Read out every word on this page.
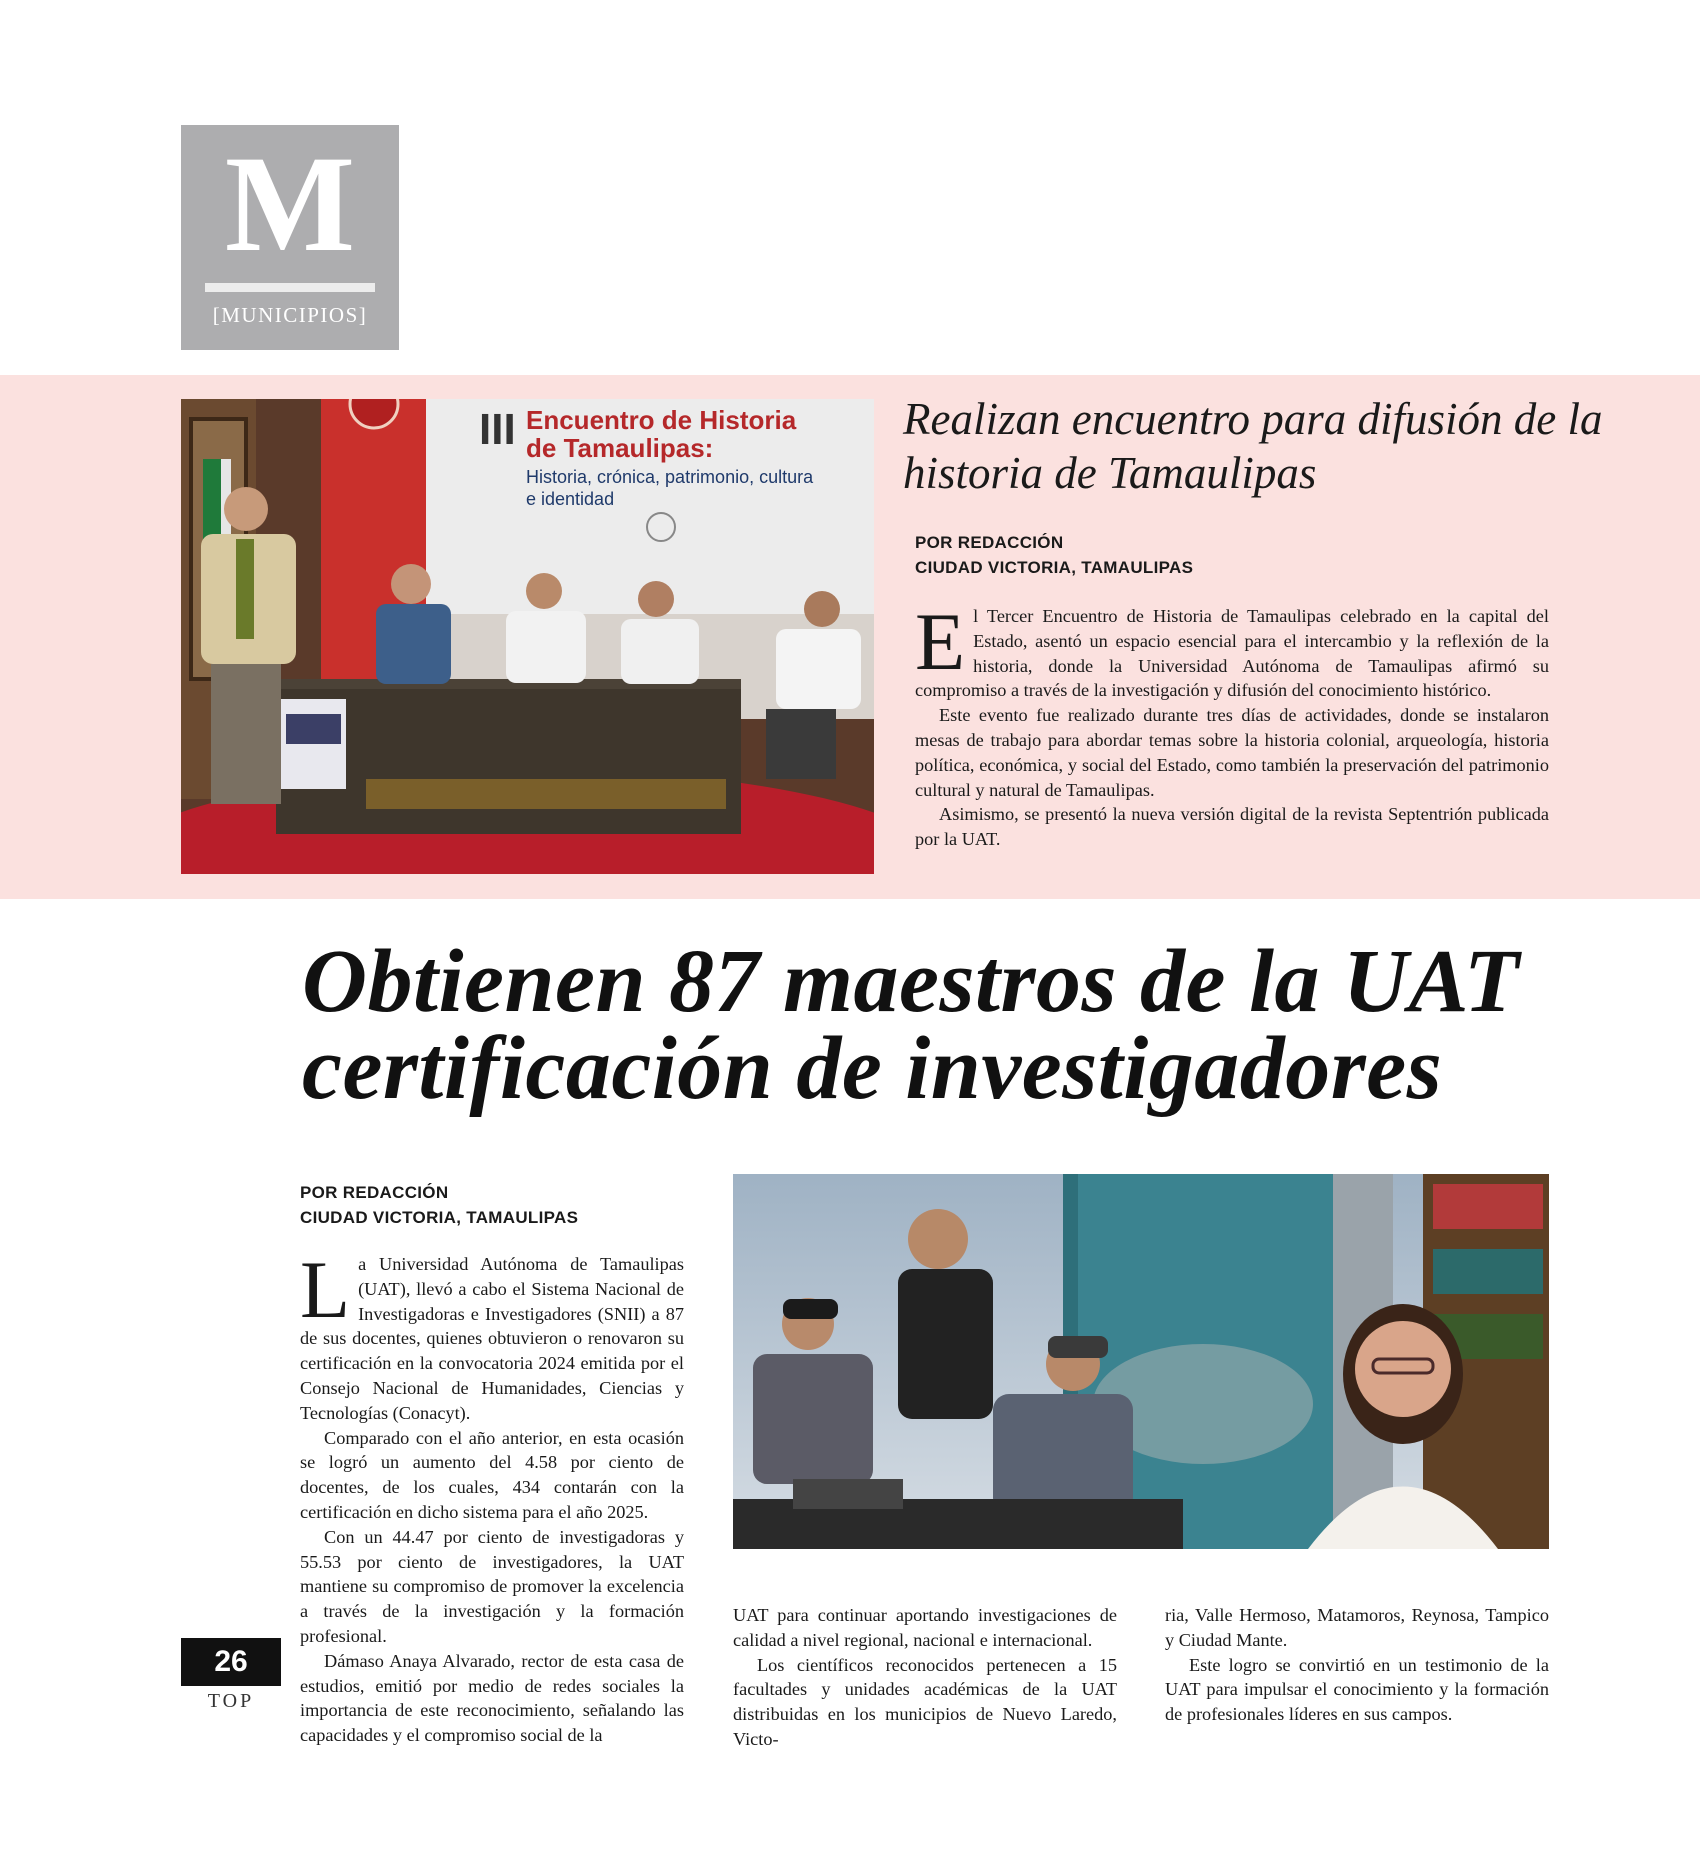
M
[MUNICIPIOS]
III Encuentro de Historia
de Tamaulipas:
Historia, crónica, patrimonio, cultura
e identidad
Realizan encuentro para difusión de la historia de Tamaulipas
POR REDACCIÓN
CIUDAD VICTORIA, TAMAULIPAS

El Tercer Encuentro de Historia de Tamaulipas celebrado en la capital del Estado, asentó un espacio esencial para el intercambio y la reflexión de la historia, donde la Universidad Autónoma de Tamaulipas afirmó su compromiso a través de la investigación y difusión del conocimiento histórico.

Este evento fue realizado durante tres días de actividades, donde se instalaron mesas de trabajo para abordar temas sobre la historia colonial, arqueología, historia política, económica, y social del Estado, como también la preservación del patrimonio cultural y natural de Tamaulipas.

Asimismo, se presentó la nueva versión digital de la revista Septentrión publicada por la UAT.

Obtienen 87 maestros de la UAT certificación de investigadores
POR REDACCIÓN
CIUDAD VICTORIA, TAMAULIPAS

La Universidad Autónoma de Tamaulipas (UAT), llevó a cabo el Sistema Nacional de Investigadoras e Investigadores (SNII) a 87 de sus docentes, quienes obtuvieron o renovaron su certificación en la convocatoria 2024 emitida por el Consejo Nacional de Humanidades, Ciencias y Tecnologías (Conacyt).

Comparado con el año anterior, en esta ocasión se logró un aumento del 4.58 por ciento de docentes, de los cuales, 434 contarán con la certificación en dicho sistema para el año 2025.

Con un 44.47 por ciento de investigadoras y 55.53 por ciento de investigadores, la UAT mantiene su compromiso de promover la excelencia a través de la investigación y la formación profesional.

Dámaso Anaya Alvarado, rector de esta casa de estudios, emitió por medio de redes sociales la importancia de este reconocimiento, señalando las capacidades y el compromiso social de la

UAT para continuar aportando investigaciones de calidad a nivel regional, nacional e internacional.

Los científicos reconocidos pertenecen a 15 facultades y unidades académicas de la UAT distribuidas en los municipios de Nuevo Laredo, Victo-

ria, Valle Hermoso, Matamoros, Reynosa, Tampico y Ciudad Mante.

Este logro se convirtió en un testimonio de la UAT para impulsar el conocimiento y la formación de profesionales líderes en sus campos.

26
TOP
